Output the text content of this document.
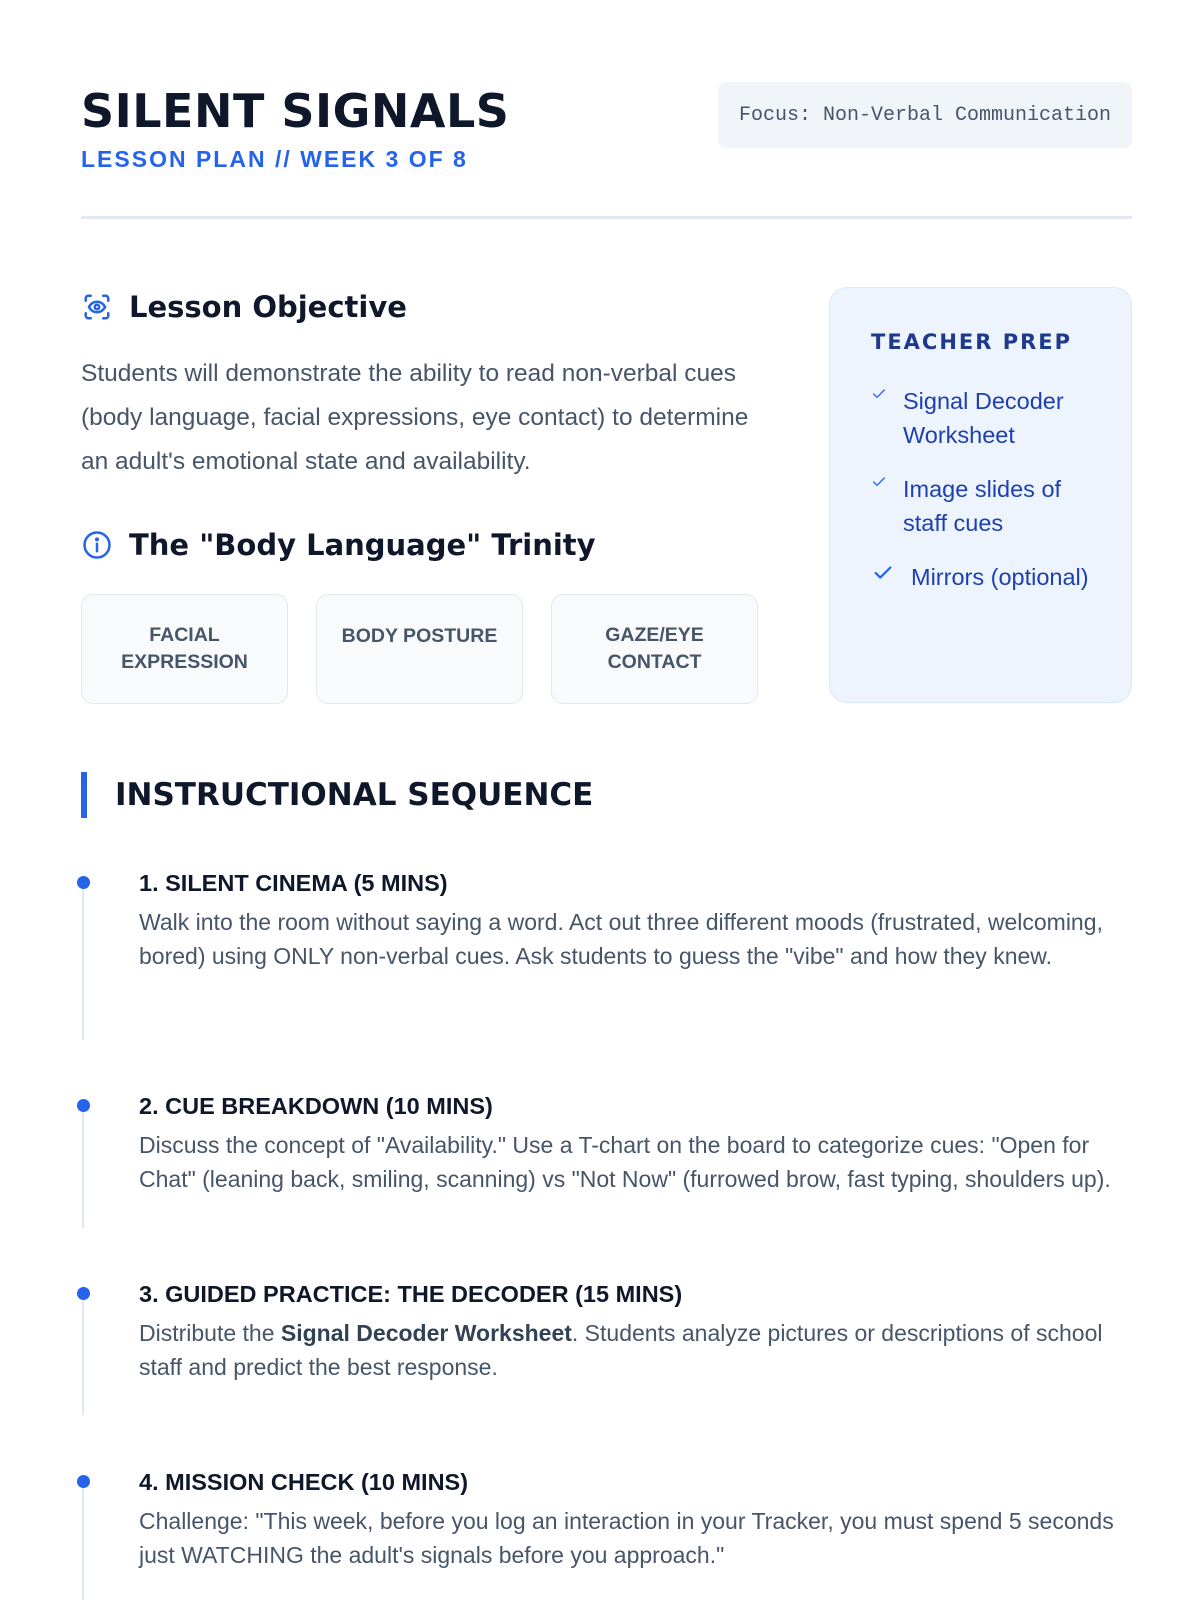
SILENT SIGNALS
LESSON PLAN // WEEK 3 OF 8
Focus: Non-Verbal Communication
Lesson Objective
Students will demonstrate the ability to read non-verbal cues (body language, facial expressions, eye contact) to determine an adult's emotional state and availability.
The "Body Language" Trinity
FACIAL EXPRESSION
BODY POSTURE	GAZE/EYE CONTACT
TEACHER PREP
Signal Decoder Worksheet
Image slides of staff cues
Mirrors (optional)
INSTRUCTIONAL SEQUENCE
1. SILENT CINEMA (5 MINS)
Walk into the room without saying a word. Act out three different moods (frustrated, welcoming, bored) using ONLY non-verbal cues. Ask students to guess the "vibe" and how they knew.
2. CUE BREAKDOWN (10 MINS)
Discuss the concept of "Availability." Use a T-chart on the board to categorize cues: "Open for Chat" (leaning back, smiling, scanning) vs "Not Now" (furrowed brow, fast typing, shoulders up).
3. GUIDED PRACTICE: THE DECODER (15 MINS)
Distribute the Signal Decoder Worksheet. Students analyze pictures or descriptions of school staff and predict the best response.
4. MISSION CHECK (10 MINS)
Challenge: "This week, before you log an interaction in your Tracker, you must spend 5 seconds just WATCHING the adult's signals before you approach."
